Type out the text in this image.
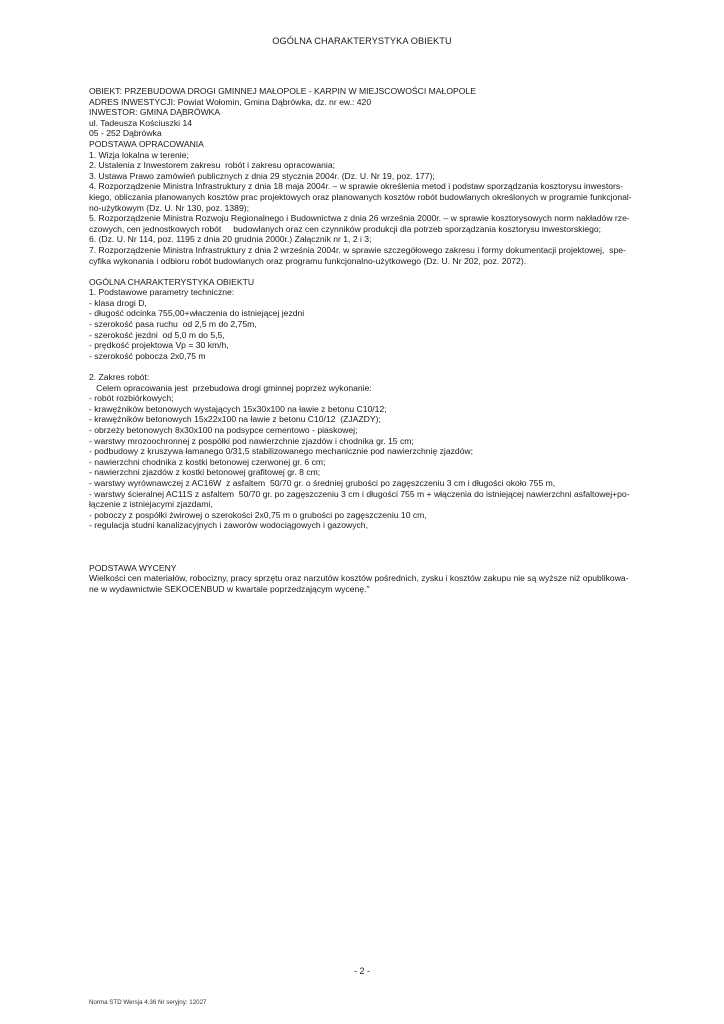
OGÓLNA CHARAKTERYSTYKA OBIEKTU
OBIEKT: PRZEBUDOWA DROGI GMINNEJ MAŁOPOLE - KARPIN W MIEJSCOWOŚCI MAŁOPOLE
ADRES INWESTYCJI: Powiat Wołomin, Gmina Dąbrówka, dz. nr ew.: 420
INWESTOR: GMINA DĄBRÓWKA
ul. Tadeusza Kościuszki 14
05 - 252 Dąbrówka
PODSTAWA OPRACOWANIA
1. Wizja lokalna w terenie;
2. Ustalenia z Inwestorem zakresu  robót i zakresu opracowania;
3. Ustawa Prawo zamówień publicznych z dnia 29 stycznia 2004r. (Dz. U. Nr 19, poz. 177);
4. Rozporządzenie Ministra Infrastruktury z dnia 18 maja 2004r. – w sprawie określenia metod i podstaw sporządzania kosztorysu inwestors-
kiego, obliczania planowanych kosztów prac projektowych oraz planowanych kosztów robót budowlanych określonych w programie funkcjonal-
no-użytkowym (Dz. U. Nr 130, poz. 1389);
5. Rozporządzenie Ministra Rozwoju Regionalnego i Budownictwa z dnia 26 września 2000r. – w sprawie kosztorysowych norm nakładów rze-
czowych, cen jednostkowych robót     budowlanych oraz cen czynników produkcji dla potrzeb sporządzania kosztorysu inwestorskiego;
6. (Dz. U. Nr 114, poz. 1195 z dnia 20 grudnia 2000r.) Załącznik nr 1, 2 i 3;
7. Rozporządzenie Ministra Infrastruktury z dnia 2 września 2004r. w sprawie szczegółowego zakresu i formy dokumentacji projektowej,  spe-
cyfika wykonania i odbioru robót budowlanych oraz programu funkcjonalno-użytkowego (Dz. U. Nr 202, poz. 2072).
OGÓLNA CHARAKTERYSTYKA OBIEKTU
1. Podstawowe parametry techniczne:
- klasa drogi D,
- długość odcinka 755,00+właczenia do istniejącej jezdni
- szerokość pasa ruchu  od 2,5 m do 2,75m,
- szerokość jezdni  od 5,0 m do 5,5,
- prędkość projektowa Vp = 30 km/h,
- szerokość pobocza 2x0,75 m
2. Zakres robót:
Celem opracowania jest  przebudowa drogi gminnej poprzez wykonanie:
- robót rozbiórkowych;
- krawężników betonowych wystających 15x30x100 na ławie z betonu C10/12;
- krawężników betonowych 15x22x100 na ławie z betonu C10/12  (ZJAZDY);
- obrzeży betonowych 8x30x100 na podsypce cementowo - piaskowej;
- warstwy mrozoochronnej z pospółki pod nawierzchnie zjazdów i chodnika gr. 15 cm;
- podbudowy z kruszywa łamanego 0/31,5 stabilizowanego mechanicznie pod nawierzchnię zjazdów;
- nawierzchni chodnika z kostki betonowej czerwonej gr. 6 cm;
- nawierzchni zjazdów z kostki betonowej grafitowej gr. 8 cm;
- warstwy wyrównawczej z AC16W  z asfaltem  50/70 gr. o średniej grubości po zagęszczeniu 3 cm i długości około 755 m,
- warstwy ścieralnej AC11S z asfaltem  50/70 gr. po zagęszczeniu 3 cm i długości 755 m + włączenia do istniejącej nawierzchni asfaltowej+po-
łączenie z istniejacymi zjazdami,
- poboczy z pospółki żwirowej o szerokości 2x0,75 m o grubości po zagęszczeniu 10 cm,
- regulacja studni kanalizacyjnych i zaworów wodociągowych i gazowych,
PODSTAWA WYCENY
Wielkości cen materiałów, robocizny, pracy sprzętu oraz narzutów kosztów pośrednich, zysku i kosztów zakupu nie są wyższe niż opublikowa-
ne w wydawnictwie SEKOCENBUD w kwartale poprzedzającym wycenę."
- 2 -
Norma STD Wersja 4.36 Nr seryjny: 12027
